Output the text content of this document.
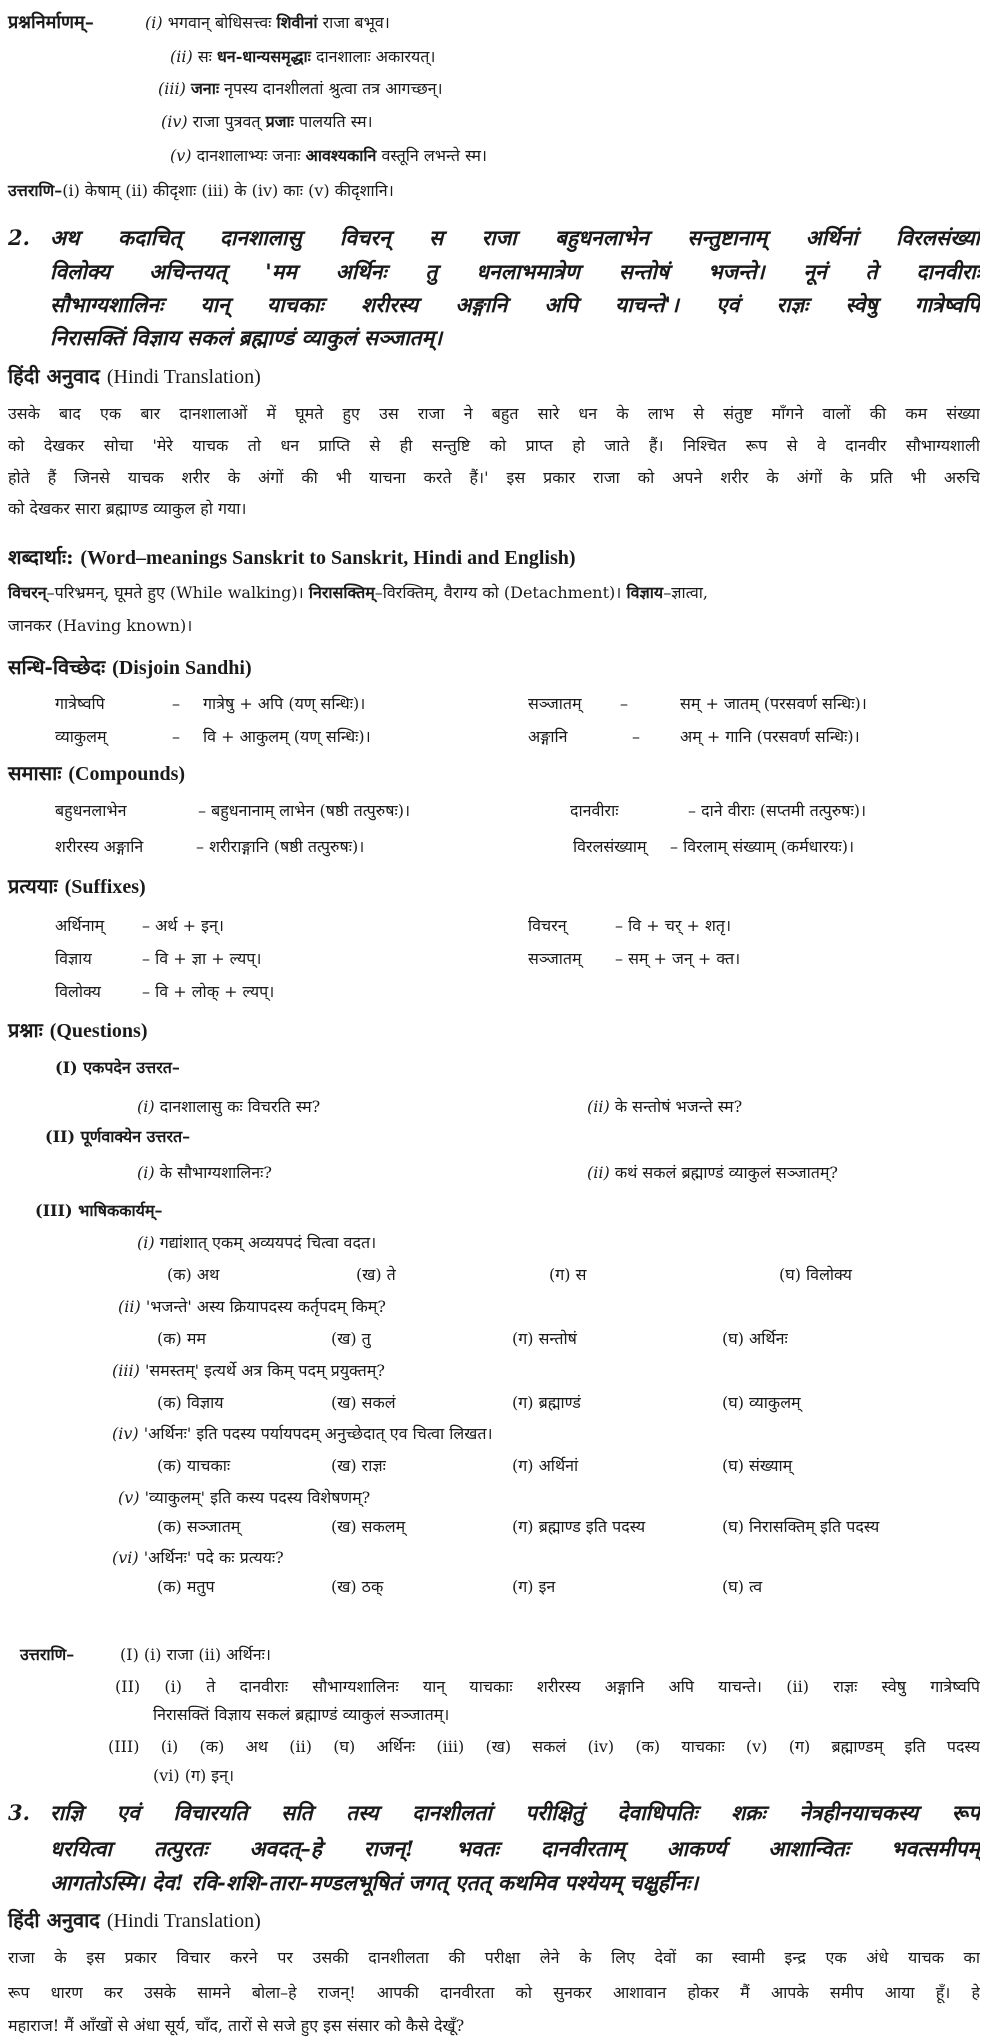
प्रश्ननिर्माणम्–	(i) भगवान् बोधिसत्त्वः शिवीनां राजा बभूव।
(ii) सः धन-धान्यसमृद्धाः दानशालाः अकारयत्।
(iii) जनाः नृपस्य दानशीलतां श्रुत्वा तत्र आगच्छन्।
(iv) राजा पुत्रवत् प्रजाः पालयति स्म।
(v) दानशालाभ्यः जनाः आवश्यकानि वस्तूनि लभन्ते स्म।
उत्तराणि–(i) केषाम् (ii) कीदृशाः (iii) के (iv) काः (v) कीदृशानि।
2. अथ कदाचित् दानशालासु विचरन् स राजा बहुधनलाभेन सन्तुष्टानाम् अर्थिनां विरलसंख्यां
विलोक्य अचिन्तयत् 'मम अर्थिनः तु धनलाभमात्रेण सन्तोषं भजन्ते। नूनं ते दानवीराः
सौभाग्यशालिनः यान् याचकाः शरीरस्य अङ्गानि अपि याचन्ते'। एवं राज्ञः स्वेषु गात्रेष्वपि
निरासक्तिं विज्ञाय सकलं ब्रह्माण्डं व्याकुलं सञ्जातम्।
हिंदी अनुवाद (Hindi Translation)
उसके बाद एक बार दानशालाओं में घूमते हुए उस राजा ने बहुत सारे धन के लाभ से संतुष्ट माँगने वालों की कम संख्या
को देखकर सोचा 'मेरे याचक तो धन प्राप्ति से ही सन्तुष्टि को प्राप्त हो जाते हैं। निश्चित रूप से वे दानवीर सौभाग्यशाली
होते हैं जिनसे याचक शरीर के अंगों की भी याचना करते हैं।' इस प्रकार राजा को अपने शरीर के अंगों के प्रति भी अरुचि
को देखकर सारा ब्रह्माण्ड व्याकुल हो गया।
शब्दार्थाः: (Word–meanings Sanskrit to Sanskrit, Hindi and English)
विचरन्–परिभ्रमन्, घूमते हुए (While walking)। निरासक्तिम्–विरक्तिम्, वैराग्य को (Detachment)। विज्ञाय–ज्ञात्वा,
जानकर (Having known)।
सन्धि-विच्छेदः (Disjoin Sandhi)
गात्रेष्वपि	– गात्रेषु + अपि (यण् सन्धिः)।	सञ्जातम् –	सम् + जातम् (परसवर्ण सन्धिः)।
व्याकुलम्	– वि + आकुलम् (यण् सन्धिः)।	अङ्गानि	–	अम् + गानि (परसवर्ण सन्धिः)।
समासाः (Compounds)
बहुधनलाभेन	– बहुधनानाम् लाभेन (षष्ठी तत्पुरुषः)।	दानवीराः	– दाने वीराः (सप्तमी तत्पुरुषः)।
शरीरस्य अङ्गानि	– शरीराङ्गानि (षष्ठी तत्पुरुषः)।	विरलसंख्याम् – विरलाम् संख्याम् (कर्मधारयः)।
प्रत्ययाः (Suffixes)
अर्थिनाम् – अर्थ + इन्।	विचरन्	– वि + चर् + शतृ।
विज्ञाय	– वि + ज्ञा + ल्यप्।	सञ्जातम् – सम् + जन् + क्त।
विलोक्य	– वि + लोक् + ल्यप्।
प्रश्नाः (Questions)
(I) एकपदेन उत्तरत–
(i) दानशालासु कः विचरति स्म?	(ii) के सन्तोषं भजन्ते स्म?
(II) पूर्णवाक्येन उत्तरत–
(i) के सौभाग्यशालिनः?	(ii) कथं सकलं ब्रह्माण्डं व्याकुलं सञ्जातम्?
(III) भाषिककार्यम्–
(i) गद्यांशात् एकम् अव्ययपदं चित्वा वदत।
(क) अथ	(ख) ते	(ग) स	(घ) विलोक्य
(ii) 'भजन्ते' अस्य क्रियापदस्य कर्तृपदम् किम्?
(क) मम	(ख) तु	(ग) सन्तोषं	(घ) अर्थिनः
(iii) 'समस्तम्' इत्यर्थे अत्र किम् पदम् प्रयुक्तम्?
(क) विज्ञाय	(ख) सकलं	(ग) ब्रह्माण्डं	(घ) व्याकुलम्
(iv) 'अर्थिनः' इति पदस्य पर्यायपदम् अनुच्छेदात् एव चित्वा लिखत।
(क) याचकाः	(ख) राज्ञः	(ग) अर्थिनां	(घ) संख्याम्
(v) 'व्याकुलम्' इति कस्य पदस्य विशेषणम्?
(क) सञ्जातम्	(ख) सकलम्	(ग) ब्रह्माण्ड इति पदस्य	(घ) निरासक्तिम् इति पदस्य
(vi) 'अर्थिनः' पदे कः प्रत्ययः?
(क) मतुप	(ख) ठक्	(ग) इन	(घ) त्व
उत्तराणि–	(I) (i) राजा (ii) अर्थिनः।
(II) (i) ते दानवीराः सौभाग्यशालिनः यान् याचकाः शरीरस्य अङ्गानि अपि याचन्ते। (ii) राज्ञः स्वेषु गात्रेष्वपि
निरासक्तिं विज्ञाय सकलं ब्रह्माण्डं व्याकुलं सञ्जातम्।
(III) (i) (क) अथ (ii) (घ) अर्थिनः (iii) (ख) सकलं (iv) (क) याचकाः (v) (ग) ब्रह्माण्डम् इति पदस्य
(vi) (ग) इन्।
3. राज्ञि एवं विचारयति सति तस्य दानशीलतां परीक्षितुं देवाधिपतिः शक्रः नेत्रहीनयाचकस्य रूपं
धरयित्वा तत्पुरतः अवदत्–हे राजन्! भवतः दानवीरताम् आकर्ण्य आशान्वितः भवत्समीपम्
आगतोऽस्मि। देव! रवि-शशि-तारा-मण्डलभूषितं जगत् एतत् कथमिव पश्येयम् चक्षुर्हीनः।
हिंदी अनुवाद (Hindi Translation)
राजा के इस प्रकार विचार करने पर उसकी दानशीलता की परीक्षा लेने के लिए देवों का स्वामी इन्द्र एक अंधे याचक का
रूप धारण कर उसके सामने बोला–हे राजन्! आपकी दानवीरता को सुनकर आशावान होकर मैं आपके समीप आया हूँ। हे
महाराज! मैं आँखों से अंधा सूर्य, चाँद, तारों से सजे हुए इस संसार को कैसे देखूँ?
